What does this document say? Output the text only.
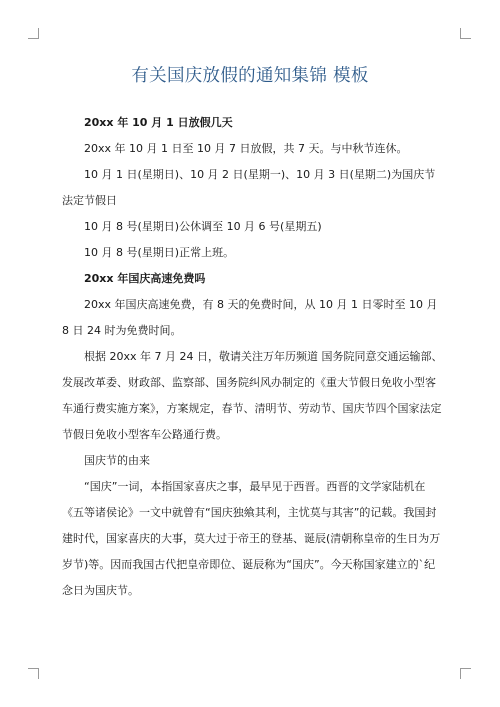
有关国庆放假的通知集锦 模板

20xx 年 10 月 1 日放假几天

20xx 年 10 月 1 日至 10 月 7 日放假，共 7 天。与中秋节连休。

10 月 1 日(星期日)、10 月 2 日(星期一)、10 月 3 日(星期二)为国庆节法定节假日

10 月 8 号(星期日)公休调至 10 月 6 号(星期五)

10 月 8 号(星期日)正常上班。

20xx 年国庆高速免费吗

20xx 年国庆高速免费，有 8 天的免费时间，从 10 月 1 日零时至 10 月 8 日 24 时为免费时间。

根据 20xx 年 7 月 24 日，敬请关注万年历频道 国务院同意交通运输部、发展改革委、财政部、监察部、国务院纠风办制定的《重大节假日免收小型客车通行费实施方案》，方案规定，春节、清明节、劳动节、国庆节四个国家法定节假日免收小型客车公路通行费。

国庆节的由来

“国庆”一词，本指国家喜庆之事，最早见于西晋。西晋的文学家陆机在《五等诸侯论》一文中就曾有“国庆独飨其利，主忧莫与其害”的记载。我国封建时代，国家喜庆的大事，莫大过于帝王的登基、诞辰(清朝称皇帝的生日为万岁节)等。因而我国古代把皇帝即位、诞辰称为“国庆”。今天称国家建立的`纪念日为国庆节。
